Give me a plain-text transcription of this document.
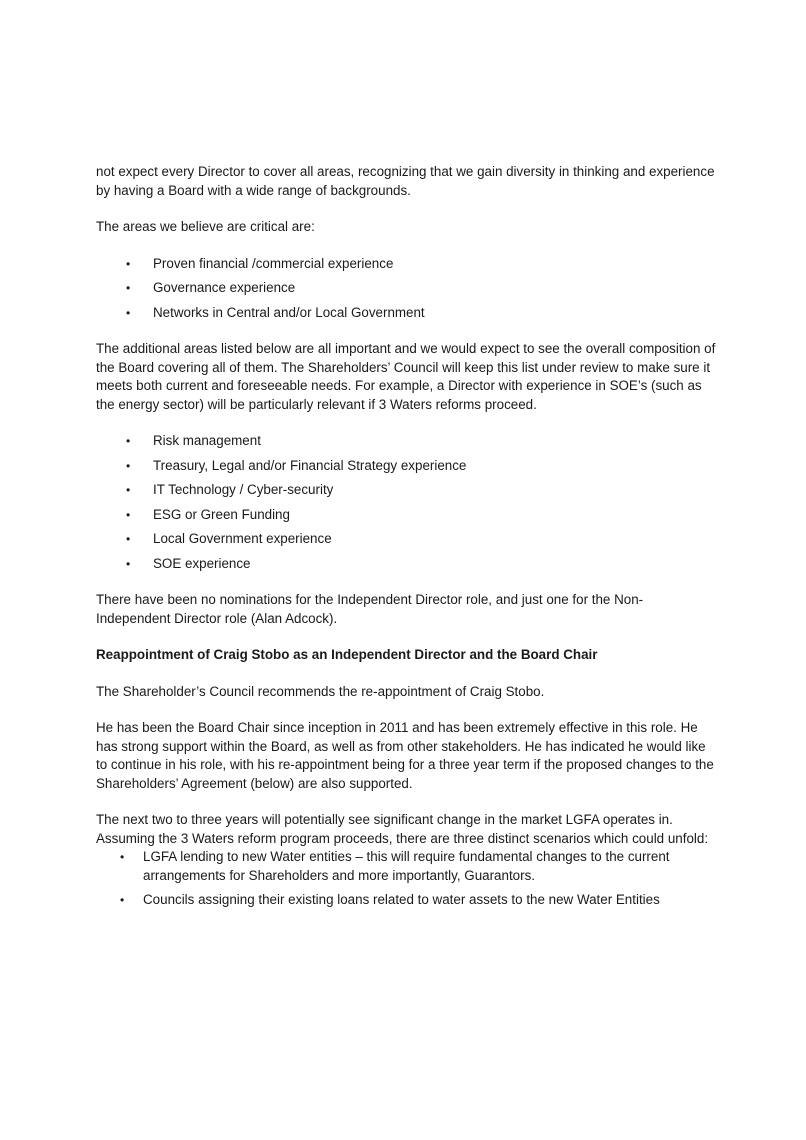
not expect every Director to cover all areas, recognizing that we gain diversity in thinking and experience by having a Board with a wide range of backgrounds.

The areas we believe are critical are:

• Proven financial /commercial experience
• Governance experience
• Networks in Central and/or Local Government

The additional areas listed below are all important and we would expect to see the overall composition of the Board covering all of them. The Shareholders’ Council will keep this list under review to make sure it meets both current and foreseeable needs. For example, a Director with experience in SOE’s (such as the energy sector) will be particularly relevant if 3 Waters reforms proceed.

• Risk management
• Treasury, Legal and/or Financial Strategy experience
• IT Technology / Cyber-security
• ESG or Green Funding
• Local Government experience
• SOE experience

There have been no nominations for the Independent Director role, and just one for the Non-Independent Director role (Alan Adcock).

Reappointment of Craig Stobo as an Independent Director and the Board Chair

The Shareholder’s Council recommends the re-appointment of Craig Stobo.

He has been the Board Chair since inception in 2011 and has been extremely effective in this role. He has strong support within the Board, as well as from other stakeholders. He has indicated he would like to continue in his role, with his re-appointment being for a three year term if the proposed changes to the Shareholders’ Agreement (below) are also supported.

The next two to three years will potentially see significant change in the market LGFA operates in. Assuming the 3 Waters reform program proceeds, there are three distinct scenarios which could unfold:

• LGFA lending to new Water entities – this will require fundamental changes to the current arrangements for Shareholders and more importantly, Guarantors.
• Councils assigning their existing loans related to water assets to the new Water Entities
